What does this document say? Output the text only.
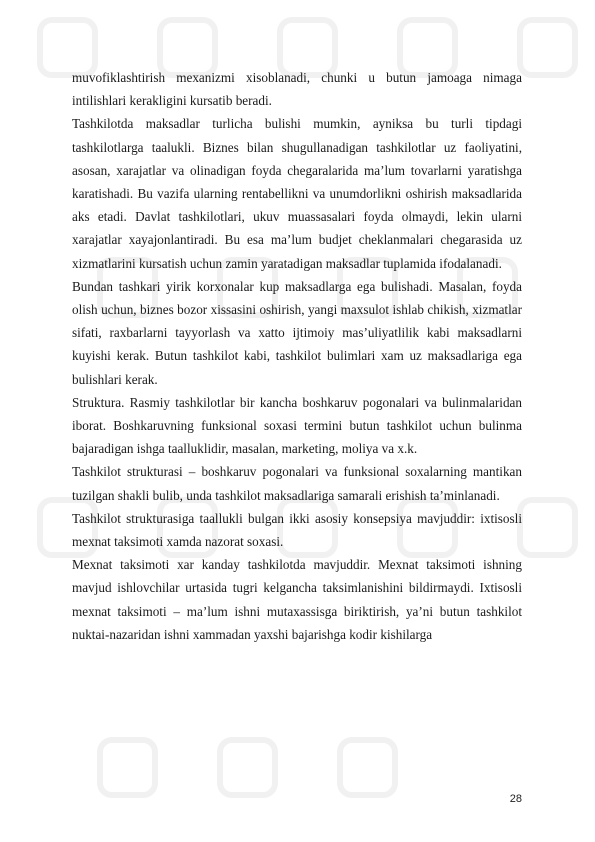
muvofiklashtirish mexanizmi xisoblanadi, chunki u butun jamoaga nimaga intilishlari kerakligini kursatib beradi.

Tashkilotda maksadlar turlicha bulishi mumkin, ayniksa bu turli tipdagi tashkilotlarga taalukli. Biznes bilan shugullanadigan tashkilotlar uz faoliyatini, asosan, xarajatlar va olinadigan foyda chegaralarida ma’lum tovarlarni yaratishga karatishadi. Bu vazifa ularning rentabellikni va unumdorlikni oshirish maksadlarida aks etadi. Davlat tashkilotlari, ukuv muassasalari foyda olmaydi, lekin ularni xarajatlar xayajonlantiradi. Bu esa ma’lum budjet cheklanmalari chegarasida uz xizmatlarini kursatish uchun zamin yaratadigan maksadlar tuplamida ifodalanadi.

Bundan tashkari yirik korxonalar kup maksadlarga ega bulishadi. Masalan, foyda olish uchun, biznes bozor xissasini oshirish, yangi maxsulot ishlab chikish, xizmatlar sifati, raxbarlarni tayyorlash va xatto ijtimoiy mas’uliyatlilik kabi maksadlarni kuyishi kerak. Butun tashkilot kabi, tashkilot bulimlari xam uz maksadlariga ega bulishlari kerak.

Struktura. Rasmiy tashkilotlar bir kancha boshkaruv pogonalari va bulinmalaridan iborat. Boshkaruvning funksional soxasi termini butun tashkilot uchun bulinma bajaradigan ishga taalluklidir, masalan, marketing, moliya va x.k.

Tashkilot strukturasi – boshkaruv pogonalari va funksional soxalarning mantikan tuzilgan shakli bulib, unda tashkilot maksadlariga samarali erishish ta’minlanadi.

Tashkilot strukturasiga taallukli bulgan ikki asosiy konsepsiya mavjuddir: ixtisosli mexnat taksimoti xamda nazorat soxasi.

Mexnat taksimoti xar kanday tashkilotda mavjuddir. Mexnat taksimoti ishning mavjud ishlovchilar urtasida tugri kelgancha taksimlanishini bildirmaydi. Ixtisosli mexnat taksimoti – ma’lum ishni mutaxassisga biriktirish, ya’ni butun tashkilot nuktai-nazaridan ishni xammadan yaxshi bajarishga kodir kishilarga

28
